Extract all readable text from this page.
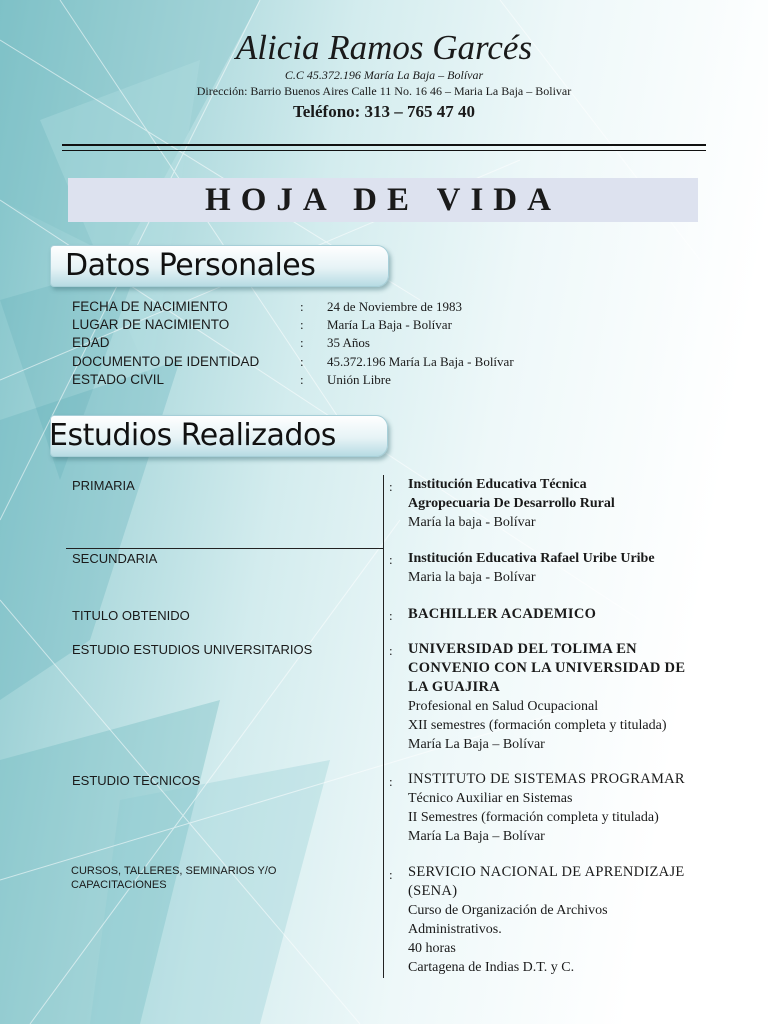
Alicia Ramos Garcés
C.C 45.372.196 María La Baja – Bolívar
Dirección: Barrio Buenos Aires Calle 11 No. 16 46 – Maria La Baja – Bolivar
Teléfono: 313 – 765 47 40
HOJA DE VIDA
Datos Personales
FECHA DE NACIMIENTO	: 24 de Noviembre de 1983
LUGAR DE NACIMIENTO	: María La Baja - Bolívar
EDAD	: 35 Años
DOCUMENTO DE IDENTIDAD	: 45.372.196 María La Baja - Bolívar
ESTADO CIVIL	: Unión Libre
Estudios Realizados
PRIMARIA	: Institución Educativa Técnica
Agropecuaria De Desarrollo Rural
María la baja - Bolívar
SECUNDARIA	: Institución Educativa Rafael Uribe Uribe
Maria la baja - Bolívar
TITULO OBTENIDO	: BACHILLER ACADEMICO
ESTUDIO ESTUDIOS UNIVERSITARIOS	: UNIVERSIDAD DEL TOLIMA EN
CONVENIO CON LA UNIVERSIDAD DE
LA GUAJIRA
Profesional en Salud Ocupacional
XII semestres (formación completa y titulada)
María La Baja – Bolívar
ESTUDIO TECNICOS	: INSTITUTO DE SISTEMAS PROGRAMAR
Técnico Auxiliar en Sistemas
II Semestres (formación completa y titulada)
María La Baja – Bolívar
CURSOS, TALLERES, SEMINARIOS Y/O
CAPACITACIONES
: SERVICIO NACIONAL DE APRENDIZAJE
(SENA)
Curso de Organización de Archivos
Administrativos.
40 horas
Cartagena de Indias D.T. y C.
